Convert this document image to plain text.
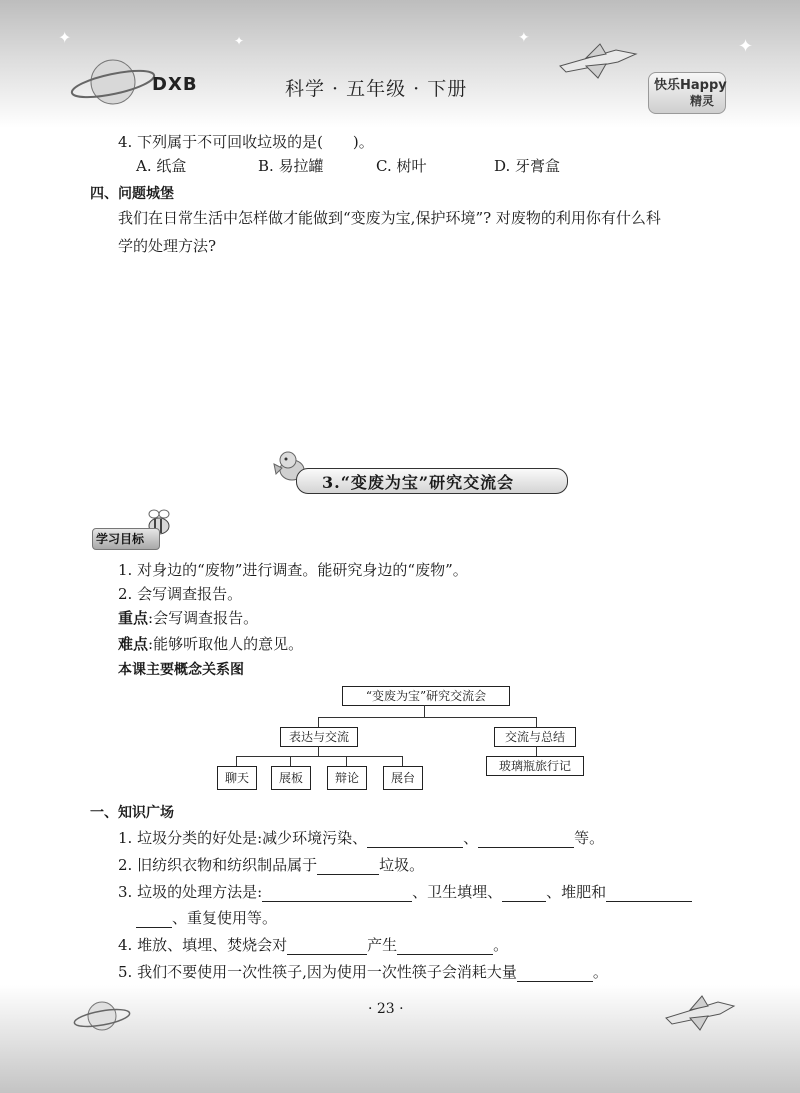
✦	✦	✦	✦
DXB	科学 · 五年级 · 下册	快乐Happy
精灵
4. 下列属于不可回收垃圾的是(　　)。
A. 纸盒	B. 易拉罐	C. 树叶	D. 牙膏盒
四、问题城堡
我们在日常生活中怎样做才能做到“变废为宝,保护环境”? 对废物的利用你有什么科
学的处理方法?
3.“变废为宝”研究交流会
学习目标
1. 对身边的“废物”进行调查。能研究身边的“废物”。
2. 会写调查报告。
重点:会写调查报告。
难点:能够听取他人的意见。
本课主要概念关系图
“变废为宝”研究交流会
表达与交流	交流与总结
聊天	展板	辩论	展台
玻璃瓶旅行记
一、知识广场
1. 垃圾分类的好处是:减少环境污染、	、	等。
2. 旧纺织衣物和纺织制品属于	垃圾。
3. 垃圾的处理方法是:	、卫生填埋、	、堆肥和
、重复使用等。
4. 堆放、填埋、焚烧会对	产生	。
5. 我们不要使用一次性筷子,因为使用一次性筷子会消耗大量	。
· 23 ·
